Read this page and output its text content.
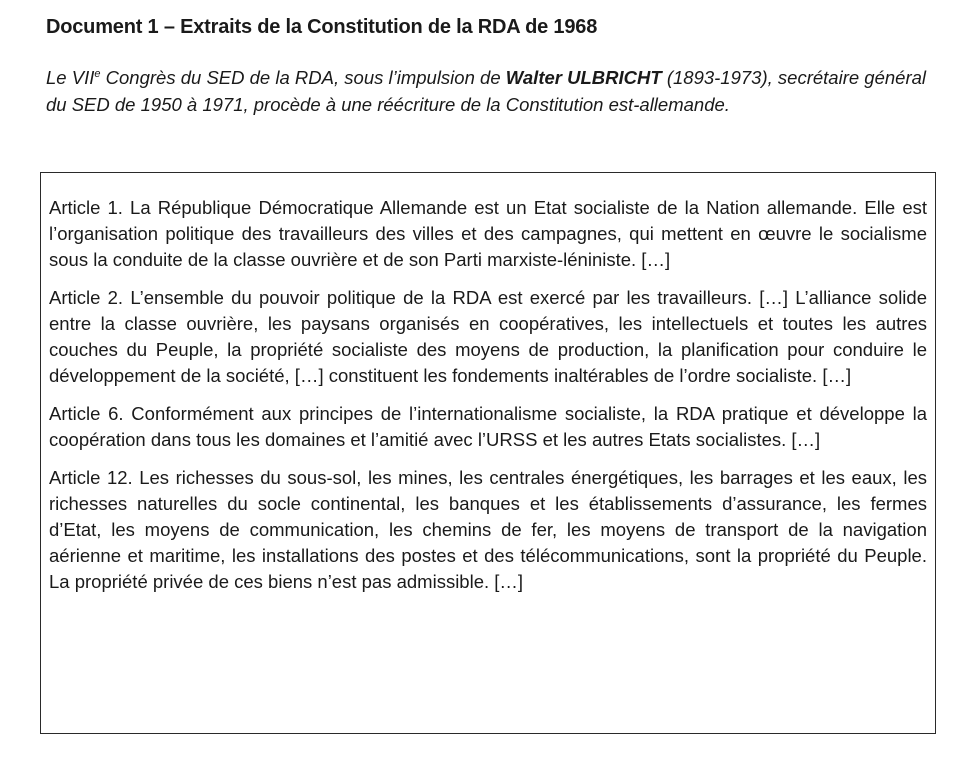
Document 1 – Extraits de la Constitution de la RDA de 1968
Le VIIe Congrès du SED de la RDA, sous l’impulsion de Walter ULBRICHT (1893-1973), secrétaire général du SED de 1950 à 1971, procède à une réécriture de la Constitution est-allemande.

Article 1. La République Démocratique Allemande est un Etat socialiste de la Nation allemande. Elle est l’organisation politique des travailleurs des villes et des campagnes, qui mettent en œuvre le socialisme sous la conduite de la classe ouvrière et de son Parti marxiste-léniniste. […]

Article 2. L’ensemble du pouvoir politique de la RDA est exercé par les travailleurs. […] L’alliance solide entre la classe ouvrière, les paysans organisés en coopératives, les intellectuels et toutes les autres couches du Peuple, la propriété socialiste des moyens de production, la planification pour conduire le développement de la société, […] constituent les fondements inaltérables de l’ordre socialiste. […]

Article 6. Conformément aux principes de l’internationalisme socialiste, la RDA pratique et développe la coopération dans tous les domaines et l’amitié avec l’URSS et les autres Etats socialistes. […]

Article 12. Les richesses du sous-sol, les mines, les centrales énergétiques, les barrages et les eaux, les richesses naturelles du socle continental, les banques et les établissements d’assurance, les fermes d’Etat, les moyens de communication, les chemins de fer, les moyens de transport de la navigation aérienne et maritime, les installations des postes et des télécommunications, sont la propriété du Peuple. La propriété privée de ces biens n’est pas admissible. […]
